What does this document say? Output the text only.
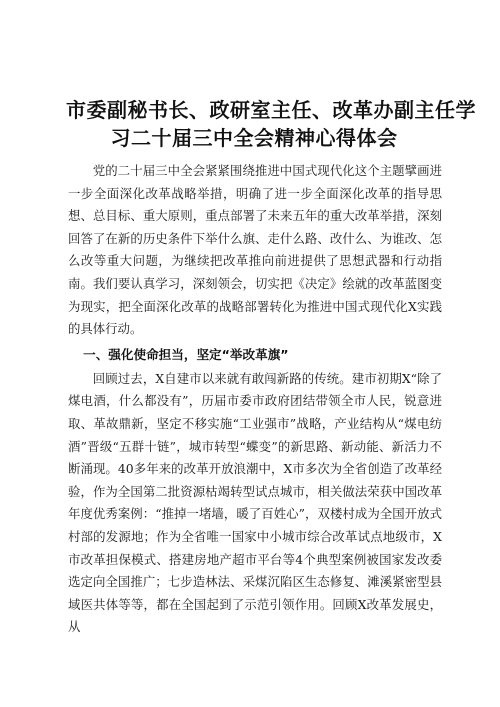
市委副秘书长、政研室主任、改革办副主任学
习二十届三中全会精神心得体会

党的二十届三中全会紧紧围绕推进中国式现代化这个主题擘画进一步全面深化改革战略举措，明确了进一步全面深化改革的指导思想、总目标、重大原则，重点部署了未来五年的重大改革举措，深刻回答了在新的历史条件下举什么旗、走什么路、改什么、为谁改、怎么改等重大问题，为继续把改革推向前进提供了思想武器和行动指南。我们要认真学习，深刻领会，切实把《决定》绘就的改革蓝图变为现实，把全面深化改革的战略部署转化为推进中国式现代化X实践的具体行动。

一、强化使命担当，坚定“举改革旗”

回顾过去，X自建市以来就有敢闯新路的传统。建市初期X“除了煤电酒，什么都没有”，历届市委市政府团结带领全市人民，锐意进取、革故鼎新，坚定不移实施“工业强市”战略，产业结构从“煤电纺酒”晋级“五群十链”，城市转型“蝶变”的新思路、新动能、新活力不断涌现。40多年来的改革开放浪潮中，X市多次为全省创造了改革经验，作为全国第二批资源枯竭转型试点城市，相关做法荣获中国改革年度优秀案例：“推掉一堵墙，暖了百姓心”，双楼村成为全国开放式村部的发源地；作为全省唯一国家中小城市综合改革试点地级市，X市改革担保模式、搭建房地产超市平台等4个典型案例被国家发改委选定向全国推广；七步造林法、采煤沉陷区生态修复、滩溪紧密型县域医共体等等，都在全国起到了示范引领作用。回顾X改革发展史，从
